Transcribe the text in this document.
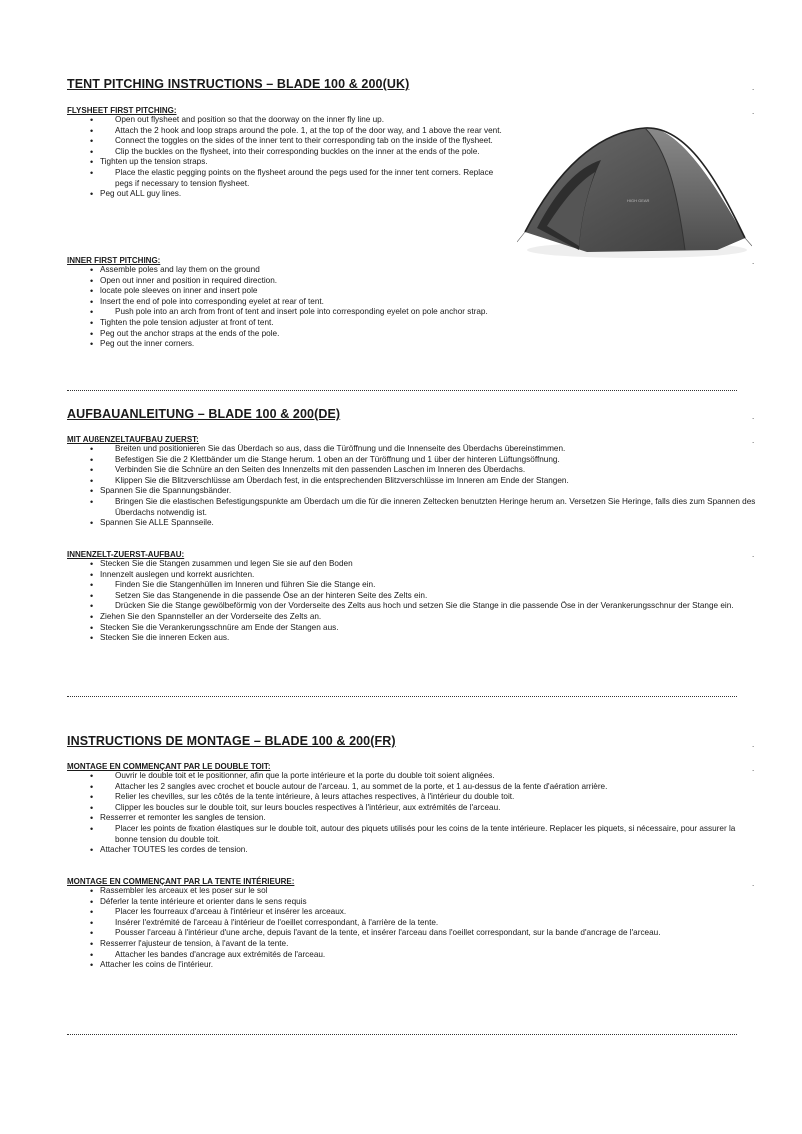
TENT PITCHING INSTRUCTIONS – BLADE 100 & 200(UK)
FLYSHEET FIRST PITCHING:
• Open out flysheet and position so that the doorway on the inner fly line up.
• Attach the 2 hook and loop straps around the pole. 1, at the top of the door way, and 1 above the rear vent.
• Connect the toggles on the sides of the inner tent to their corresponding tab on the inside of the flysheet.
• Clip the buckles on the flysheet, into their corresponding buckles on the inner at the ends of the pole.
• Tighten up the tension straps.
• Place the elastic pegging points on the flysheet around the pegs used for the inner tent corners. Replace pegs if necessary to tension flysheet.
• Peg out ALL guy lines.
INNER FIRST PITCHING:
• Assemble poles and lay them on the ground
• Open out inner and position in required direction.
• locate pole sleeves on inner and insert pole
• Insert the end of pole into corresponding eyelet at rear of tent.
• Push pole into an arch from front of tent and insert pole into corresponding eyelet on pole anchor strap.
• Tighten the pole tension adjuster at front of tent.
• Peg out the anchor straps at the ends of the pole.
• Peg out the inner corners.
HIGH GEAR
AUFBAUANLEITUNG – BLADE 100 & 200(DE)
MIT AUßENZELTAUFBAU ZUERST:
• Breiten und positionieren Sie das Überdach so aus, dass die Türöffnung und die Innenseite des Überdachs übereinstimmen.
• Befestigen Sie die 2 Klettbänder um die Stange herum. 1 oben an der Türöffnung und 1 über der hinteren Lüftungsöffnung.
• Verbinden Sie die Schnüre an den Seiten des Innenzelts mit den passenden Laschen im Inneren des Überdachs.
• Klippen Sie die Blitzverschlüsse am Überdach fest, in die entsprechenden Blitzverschlüsse im Inneren am Ende der Stangen.
• Spannen Sie die Spannungsbänder.
• Bringen Sie die elastischen Befestigungspunkte am Überdach um die für die inneren Zeltecken benutzten Heringe herum an. Versetzen Sie Heringe, falls dies zum Spannen des Überdachs notwendig ist.
• Spannen Sie ALLE Spannseile.
INNENZELT-ZUERST-AUFBAU:
• Stecken Sie die Stangen zusammen und legen Sie sie auf den Boden
• Innenzelt auslegen und korrekt ausrichten.
• Finden Sie die Stangenhüllen im Inneren und führen Sie die Stange ein.
• Setzen Sie das Stangenende in die passende Öse an der hinteren Seite des Zelts ein.
• Drücken Sie die Stange gewölbeförmig von der Vorderseite des Zelts aus hoch und setzen Sie die Stange in die passende Öse in der Verankerungsschnur der Stange ein.
• Ziehen Sie den Spannsteller an der Vorderseite des Zelts an.
• Stecken Sie die Verankerungsschnüre am Ende der Stangen aus.
• Stecken Sie die inneren Ecken aus.
INSTRUCTIONS DE MONTAGE – BLADE 100 & 200(FR)
MONTAGE EN COMMENÇANT PAR LE DOUBLE TOIT:
• Ouvrir le double toit et le positionner, afin que la porte intérieure et la porte du double toit soient alignées.
• Attacher les 2 sangles avec crochet et boucle autour de l'arceau. 1, au sommet de la porte, et 1 au-dessus de la fente d'aération arrière.
• Relier les chevilles, sur les côtés de la tente intérieure, à leurs attaches respectives, à l'intérieur du double toit.
• Clipper les boucles sur le double toit, sur leurs boucles respectives à l'intérieur, aux extrémités de l'arceau.
• Resserrer et remonter les sangles de tension.
• Placer les points de fixation élastiques sur le double toit, autour des piquets utilisés pour les coins de la tente intérieure. Replacer les piquets, si nécessaire, pour assurer la bonne tension du double toit.
• Attacher TOUTES les cordes de tension.
MONTAGE EN COMMENÇANT PAR LA TENTE INTÉRIEURE:
• Rassembler les arceaux et les poser sur le sol
• Déferler la tente intérieure et orienter dans le sens requis
• Placer les fourreaux d'arceau à l'intérieur et insérer les arceaux.
• Insérer l'extrémité de l'arceau à l'intérieur de l'oeillet correspondant, à l'arrière de la tente.
• Pousser l'arceau à l'intérieur d'une arche, depuis l'avant de la tente, et insérer l'arceau dans l'oeillet correspondant, sur la bande d'ancrage de l'arceau.
• Resserrer l'ajusteur de tension, à l'avant de la tente.
• Attacher les bandes d'ancrage aux extrémités de l'arceau.
• Attacher les coins de l'intérieur.
.
.
.
.
.
.
.
.
.
